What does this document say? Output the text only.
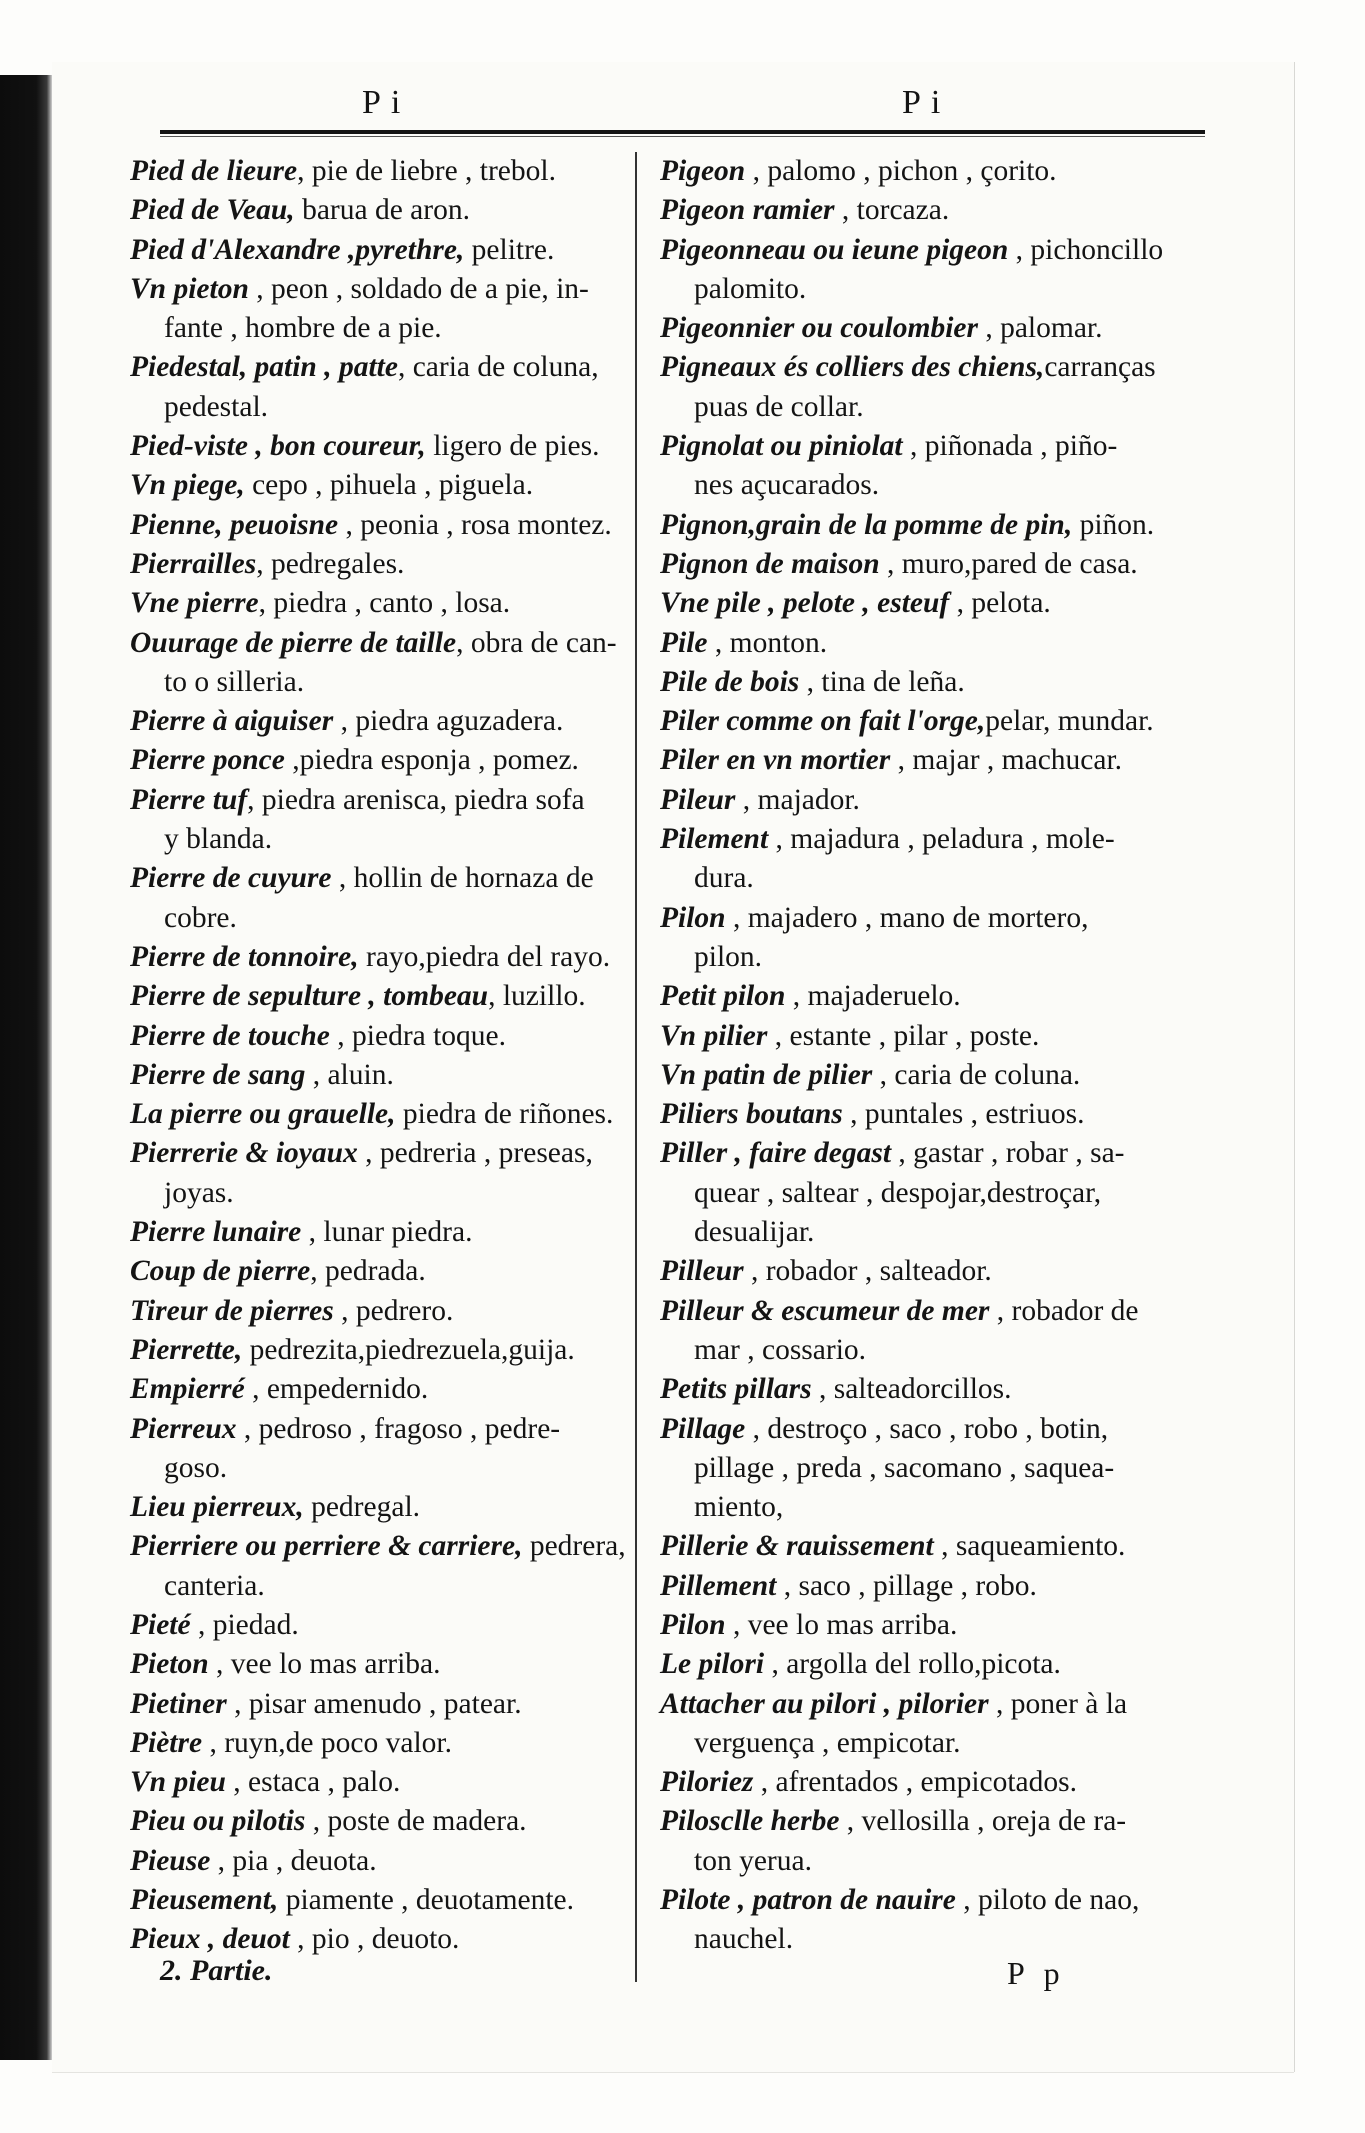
Pi	Pi
Pied de lieure, pie de liebre , trebol.
Pied de Veau, barua de aron.
Pied d'Alexandre ,pyrethre, pelitre.
Vn pieton , peon , soldado de a pie, in-
fante , hombre de a pie.
Piedestal, patin , patte, caria de coluna,
pedestal.
Pied-viste , bon coureur, ligero de pies.
Vn piege, cepo , pihuela , piguela.
Pienne, peuoisne , peonia , rosa montez.
Pierrailles, pedregales.
Vne pierre, piedra , canto , losa.
Ouurage de pierre de taille, obra de can-
to o silleria.
Pierre à aiguiser , piedra aguzadera.
Pierre ponce ,piedra esponja , pomez.
Pierre tuf, piedra arenisca, piedra sofa
y blanda.
Pierre de cuyure , hollin de hornaza de
cobre.
Pierre de tonnoire, rayo,piedra del rayo.
Pierre de sepulture , tombeau, luzillo.
Pierre de touche , piedra toque.
Pierre de sang , aluin.
La pierre ou grauelle, piedra de riñones.
Pierrerie & ioyaux , pedreria , preseas,
joyas.
Pierre lunaire , lunar piedra.
Coup de pierre, pedrada.
Tireur de pierres , pedrero.
Pierrette, pedrezita,piedrezuela,guija.
Empierré , empedernido.
Pierreux , pedroso , fragoso , pedre-
goso.
Lieu pierreux, pedregal.
Pierriere ou perriere & carriere, pedrera,
canteria.
Pieté , piedad.
Pieton , vee lo mas arriba.
Pietiner , pisar amenudo , patear.
Piètre , ruyn,de poco valor.
Vn pieu , estaca , palo.
Pieu ou pilotis , poste de madera.
Pieuse , pia , deuota.
Pieusement, piamente , deuotamente.
Pieux , deuot , pio , deuoto.
Pigeon , palomo , pichon , çorito.
Pigeon ramier , torcaza.
Pigeonneau ou ieune pigeon , pichoncillo
palomito.
Pigeonnier ou coulombier , palomar.
Pigneaux és colliers des chiens,carranças
puas de collar.
Pignolat ou piniolat , piñonada , piño-
nes açucarados.
Pignon,grain de la pomme de pin, piñon.
Pignon de maison , muro,pared de casa.
Vne pile , pelote , esteuf , pelota.
Pile , monton.
Pile de bois , tina de leña.
Piler comme on fait l'orge,pelar, mundar.
Piler en vn mortier , majar , machucar.
Pileur , majador.
Pilement , majadura , peladura , mole-
dura.
Pilon , majadero , mano de mortero,
pilon.
Petit pilon , majaderuelo.
Vn pilier , estante , pilar , poste.
Vn patin de pilier , caria de coluna.
Piliers boutans , puntales , estriuos.
Piller , faire degast , gastar , robar , sa-
quear , saltear , despojar,destroçar,
desualijar.
Pilleur , robador , salteador.
Pilleur & escumeur de mer , robador de
mar , cossario.
Petits pillars , salteadorcillos.
Pillage , destroço , saco , robo , botin,
pillage , preda , sacomano , saquea-
miento,
Pillerie & rauissement , saqueamiento.
Pillement , saco , pillage , robo.
Pilon , vee lo mas arriba.
Le pilori , argolla del rollo,picota.
Attacher au pilori , pilorier , poner à la
verguença , empicotar.
Piloriez , afrentados , empicotados.
Pilosclle herbe , vellosilla , oreja de ra-
ton yerua.
Pilote , patron de nauire , piloto de nao,
nauchel.
2. Partie.	P p
